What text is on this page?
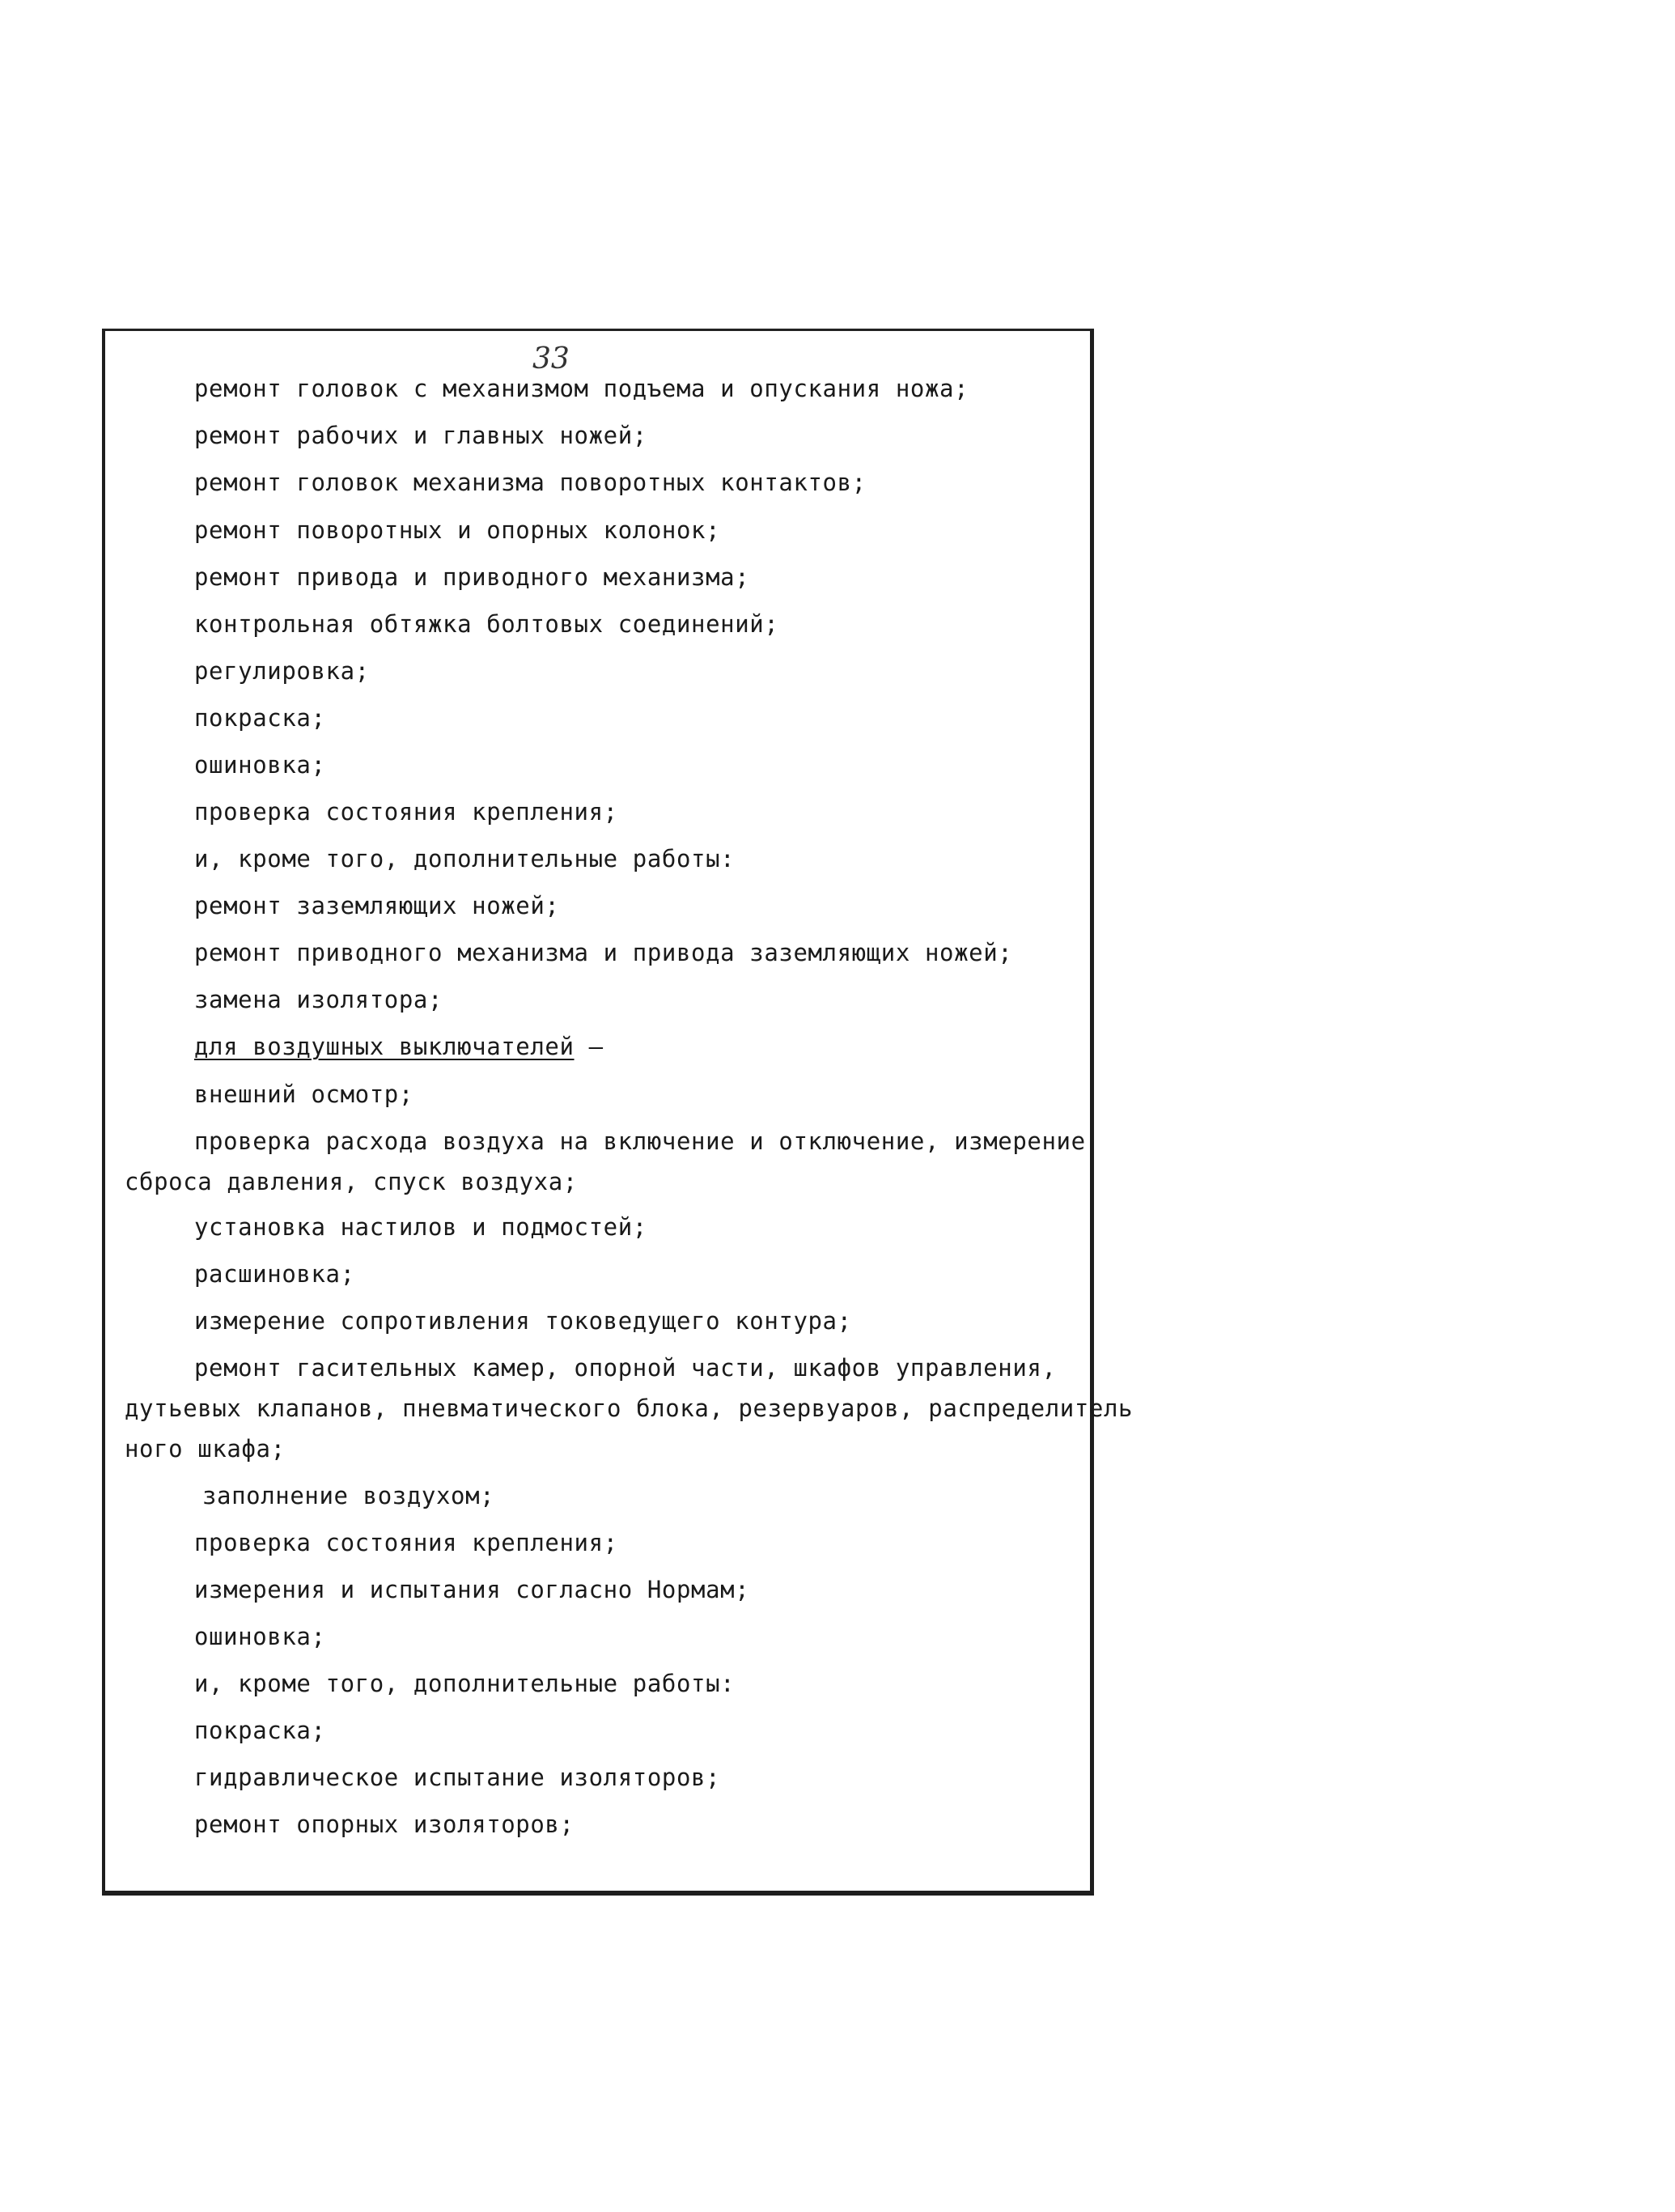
33
ремонт головок с механизмом подъема и опускания ножа;
ремонт рабочих и главных ножей;
ремонт головок механизма поворотных контактов;
ремонт поворотных и опорных колонок;
ремонт привода и приводного механизма;
контрольная обтяжка болтовых соединений;
регулировка;
покраска;
ошиновка;
проверка состояния крепления;
и, кроме того, дополнительные работы:
ремонт заземляющих ножей;
ремонт приводного механизма и привода заземляющих ножей;
замена изолятора;
для воздушных выключателей –
внешний осмотр;
проверка расхода воздуха на включение и отключение, измерение
сброса давления, спуск воздуха;
установка настилов и подмостей;
расшиновка;
измерение сопротивления токоведущего контура;
ремонт гасительных камер, опорной части, шкафов управления,
дутьевых клапанов, пневматического блока, резервуаров, распределитель
ного шкафа;
заполнение воздухом;
проверка состояния крепления;
измерения и испытания согласно Нормам;
ошиновка;
и, кроме того, дополнительные работы:
покраска;
гидравлическое испытание изоляторов;
ремонт опорных изоляторов;
